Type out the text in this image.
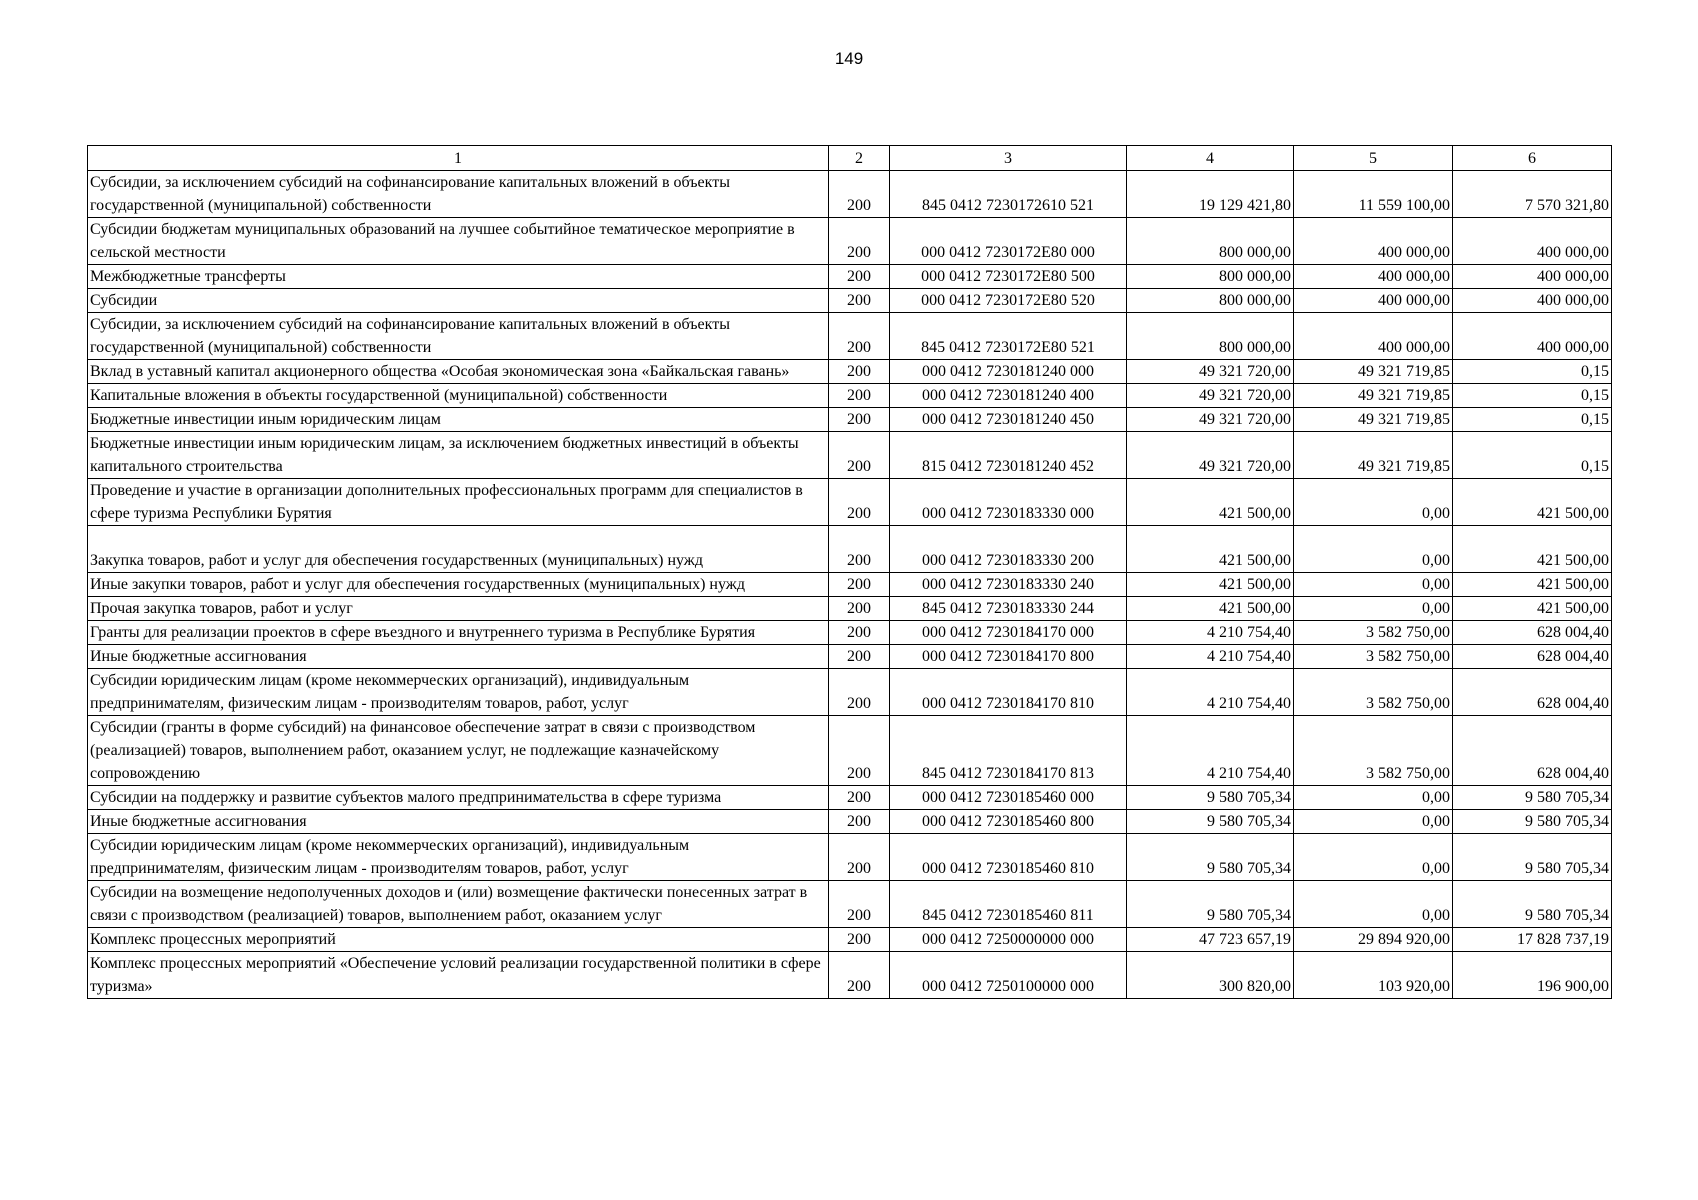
149
1	2	3	4	5	6
Субсидии, за исключением субсидий на софинансирование капитальных вложений в объекты государственной (муниципальной) собственности	200	845 0412 7230172610 521	19 129 421,80	11 559 100,00	7 570 321,80
Субсидии бюджетам муниципальных образований на лучшее событийное тематическое мероприятие в сельской местности	200	000 0412 7230172E80 000	800 000,00	400 000,00	400 000,00
Межбюджетные трансферты	200	000 0412 7230172E80 500	800 000,00	400 000,00	400 000,00
Субсидии	200	000 0412 7230172E80 520	800 000,00	400 000,00	400 000,00
Субсидии, за исключением субсидий на софинансирование капитальных вложений в объекты государственной (муниципальной) собственности	200	845 0412 7230172E80 521	800 000,00	400 000,00	400 000,00
Вклад в уставный капитал акционерного общества «Особая экономическая зона «Байкальская гавань»	200	000 0412 7230181240 000	49 321 720,00	49 321 719,85	0,15
Капитальные вложения в объекты государственной (муниципальной) собственности	200	000 0412 7230181240 400	49 321 720,00	49 321 719,85	0,15
Бюджетные инвестиции иным юридическим лицам	200	000 0412 7230181240 450	49 321 720,00	49 321 719,85	0,15
Бюджетные инвестиции иным юридическим лицам, за исключением бюджетных инвестиций в объекты капитального строительства	200	815 0412 7230181240 452	49 321 720,00	49 321 719,85	0,15
Проведение и участие в организации дополнительных профессиональных программ для специалистов в сфере туризма Республики Бурятия	200	000 0412 7230183330 000	421 500,00	0,00	421 500,00
Закупка товаров, работ и услуг для обеспечения государственных (муниципальных) нужд	200	000 0412 7230183330 200	421 500,00	0,00	421 500,00
Иные закупки товаров, работ и услуг для обеспечения государственных (муниципальных) нужд	200	000 0412 7230183330 240	421 500,00	0,00	421 500,00
Прочая закупка товаров, работ и услуг	200	845 0412 7230183330 244	421 500,00	0,00	421 500,00
Гранты для реализации проектов в сфере въездного и внутреннего туризма в Республике Бурятия	200	000 0412 7230184170 000	4 210 754,40	3 582 750,00	628 004,40
Иные бюджетные ассигнования	200	000 0412 7230184170 800	4 210 754,40	3 582 750,00	628 004,40
Субсидии юридическим лицам (кроме некоммерческих организаций), индивидуальным предпринимателям, физическим лицам - производителям товаров, работ, услуг	200	000 0412 7230184170 810	4 210 754,40	3 582 750,00	628 004,40
Субсидии (гранты в форме субсидий) на финансовое обеспечение затрат в связи с производством (реализацией) товаров, выполнением работ, оказанием услуг, не подлежащие казначейскому сопровождению	200	845 0412 7230184170 813	4 210 754,40	3 582 750,00	628 004,40
Субсидии на поддержку и развитие субъектов малого предпринимательства в сфере туризма	200	000 0412 7230185460 000	9 580 705,34	0,00	9 580 705,34
Иные бюджетные ассигнования	200	000 0412 7230185460 800	9 580 705,34	0,00	9 580 705,34
Субсидии юридическим лицам (кроме некоммерческих организаций), индивидуальным предпринимателям, физическим лицам - производителям товаров, работ, услуг	200	000 0412 7230185460 810	9 580 705,34	0,00	9 580 705,34
Субсидии на возмещение недополученных доходов и (или) возмещение фактически понесенных затрат в связи с производством (реализацией) товаров, выполнением работ, оказанием услуг	200	845 0412 7230185460 811	9 580 705,34	0,00	9 580 705,34
Комплекс процессных мероприятий	200	000 0412 7250000000 000	47 723 657,19	29 894 920,00	17 828 737,19
Комплекс процессных мероприятий «Обеспечение условий реализации государственной политики в сфере туризма»	200	000 0412 7250100000 000	300 820,00	103 920,00	196 900,00
